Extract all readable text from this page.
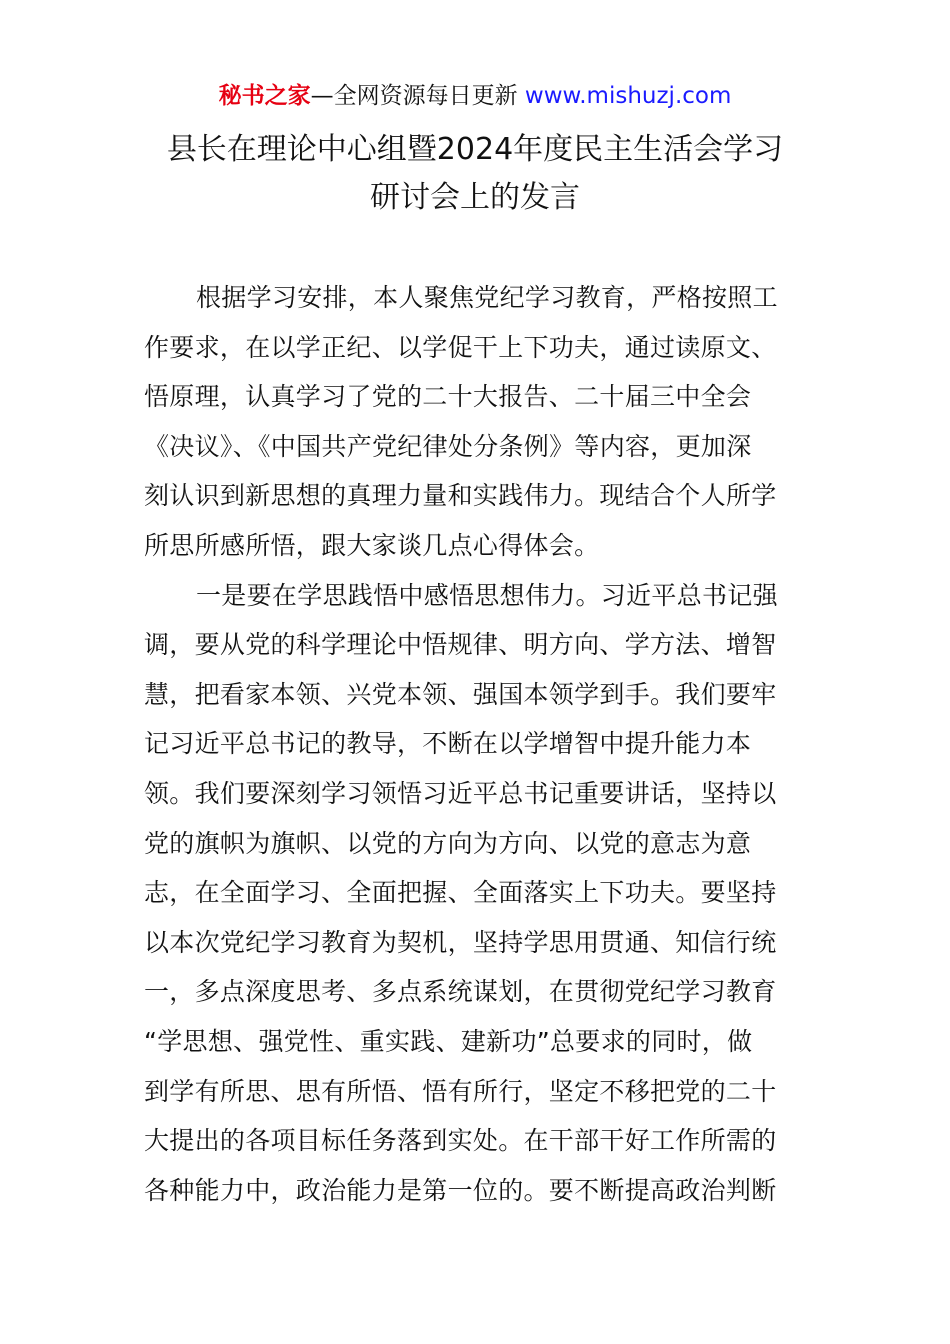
秘书之家—全网资源每日更新 www.mishuzj.com
县长在理论中心组暨2024年度民主生活会学习
研讨会上的发言

根据学习安排，本人聚焦党纪学习教育，严格按照工
作要求，在以学正纪、以学促干上下功夫，通过读原文、
悟原理，认真学习了党的二十大报告、二十届三中全会
《决议》、《中国共产党纪律处分条例》等内容，更加深
刻认识到新思想的真理力量和实践伟力。现结合个人所学
所思所感所悟，跟大家谈几点心得体会。

一是要在学思践悟中感悟思想伟力。习近平总书记强
调，要从党的科学理论中悟规律、明方向、学方法、增智
慧，把看家本领、兴党本领、强国本领学到手。我们要牢
记习近平总书记的教导，不断在以学增智中提升能力本
领。我们要深刻学习领悟习近平总书记重要讲话，坚持以
党的旗帜为旗帜、以党的方向为方向、以党的意志为意
志，在全面学习、全面把握、全面落实上下功夫。要坚持
以本次党纪学习教育为契机，坚持学思用贯通、知信行统
一，多点深度思考、多点系统谋划，在贯彻党纪学习教育
“学思想、强党性、重实践、建新功”总要求的同时，做
到学有所思、思有所悟、悟有所行，坚定不移把党的二十
大提出的各项目标任务落到实处。在干部干好工作所需的
各种能力中，政治能力是第一位的。要不断提高政治判断
